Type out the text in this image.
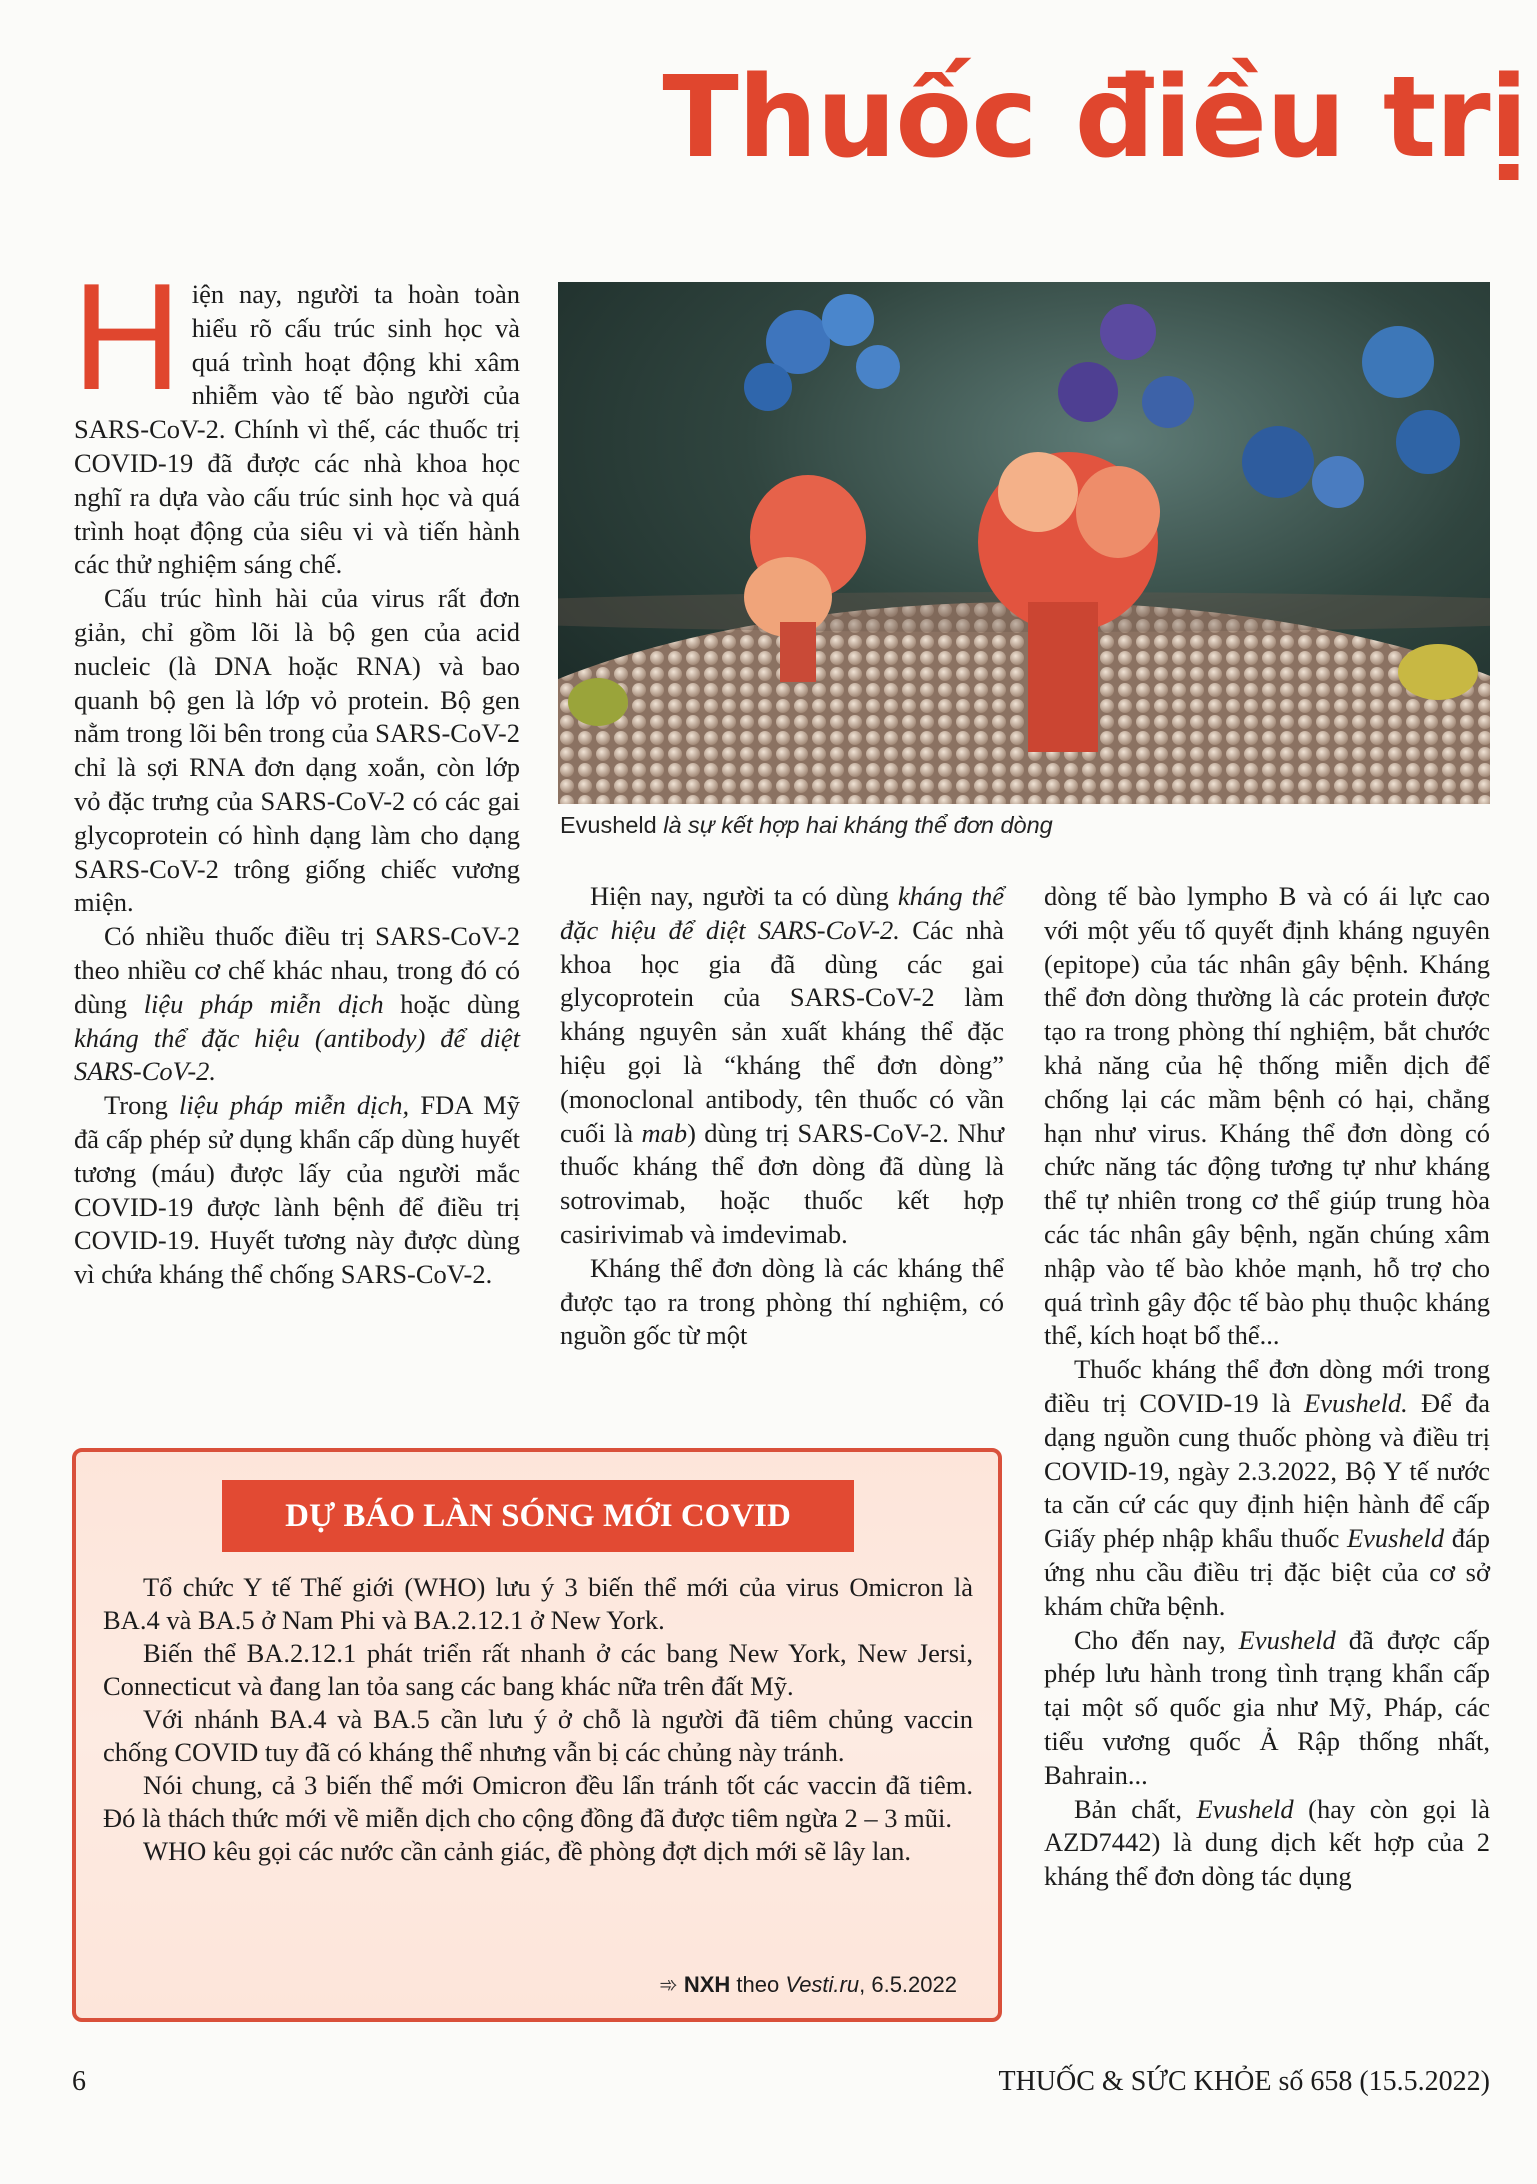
Thuốc điều trị

Hiện nay, người ta hoàn toàn hiểu rõ cấu trúc sinh học và quá trình hoạt động khi xâm nhiễm vào tế bào người của SARS-CoV-2. Chính vì thế, các thuốc trị COVID-19 đã được các nhà khoa học nghĩ ra dựa vào cấu trúc sinh học và quá trình hoạt động của siêu vi và tiến hành các thử nghiệm sáng chế.

Cấu trúc hình hài của virus rất đơn giản, chỉ gồm lõi là bộ gen của acid nucleic (là DNA hoặc RNA) và bao quanh bộ gen là lớp vỏ protein. Bộ gen nằm trong lõi bên trong của SARS-CoV-2 chỉ là sợi RNA đơn dạng xoắn, còn lớp vỏ đặc trưng của SARS-CoV-2 có các gai glycoprotein có hình dạng làm cho dạng SARS-CoV-2 trông giống chiếc vương miện.

Có nhiều thuốc điều trị SARS-CoV-2 theo nhiều cơ chế khác nhau, trong đó có dùng liệu pháp miễn dịch hoặc dùng kháng thể đặc hiệu (antibody) để diệt SARS-CoV-2.

Trong liệu pháp miễn dịch, FDA Mỹ đã cấp phép sử dụng khẩn cấp dùng huyết tương (máu) được lấy của người mắc COVID-19 được lành bệnh để điều trị COVID-19. Huyết tương này được dùng vì chứa kháng thể chống SARS-CoV-2.

Evusheld là sự kết hợp hai kháng thể đơn dòng

Hiện nay, người ta có dùng kháng thể đặc hiệu để diệt SARS-CoV-2. Các nhà khoa học gia đã dùng các gai glycoprotein của SARS-CoV-2 làm kháng nguyên sản xuất kháng thể đặc hiệu gọi là “kháng thể đơn dòng” (monoclonal antibody, tên thuốc có vần cuối là mab) dùng trị SARS-CoV-2. Như thuốc kháng thể đơn dòng đã dùng là sotrovimab, hoặc thuốc kết hợp casirivimab và imdevimab.

Kháng thể đơn dòng là các kháng thể được tạo ra trong phòng thí nghiệm, có nguồn gốc từ một

dòng tế bào lympho B và có ái lực cao với một yếu tố quyết định kháng nguyên (epitope) của tác nhân gây bệnh. Kháng thể đơn dòng thường là các protein được tạo ra trong phòng thí nghiệm, bắt chước khả năng của hệ thống miễn dịch để chống lại các mầm bệnh có hại, chẳng hạn như virus. Kháng thể đơn dòng có chức năng tác động tương tự như kháng thể tự nhiên trong cơ thể giúp trung hòa các tác nhân gây bệnh, ngăn chúng xâm nhập vào tế bào khỏe mạnh, hỗ trợ cho quá trình gây độc tế bào phụ thuộc kháng thể, kích hoạt bổ thể...

Thuốc kháng thể đơn dòng mới trong điều trị COVID-19 là Evusheld. Để đa dạng nguồn cung thuốc phòng và điều trị COVID-19, ngày 2.3.2022, Bộ Y tế nước ta căn cứ các quy định hiện hành để cấp Giấy phép nhập khẩu thuốc Evusheld đáp ứng nhu cầu điều trị đặc biệt của cơ sở khám chữa bệnh.

Cho đến nay, Evusheld đã được cấp phép lưu hành trong tình trạng khẩn cấp tại một số quốc gia như Mỹ, Pháp, các tiểu vương quốc Ả Rập thống nhất, Bahrain...

Bản chất, Evusheld (hay còn gọi là AZD7442) là dung dịch kết hợp của 2 kháng thể đơn dòng tác dụng

DỰ BÁO LÀN SÓNG MỚI COVID

Tổ chức Y tế Thế giới (WHO) lưu ý 3 biến thể mới của virus Omicron là BA.4 và BA.5 ở Nam Phi và BA.2.12.1 ở New York.

Biến thể BA.2.12.1 phát triển rất nhanh ở các bang New York, New Jersi, Connecticut và đang lan tỏa sang các bang khác nữa trên đất Mỹ.

Với nhánh BA.4 và BA.5 cần lưu ý ở chỗ là người đã tiêm chủng vaccin chống COVID tuy đã có kháng thể nhưng vẫn bị các chủng này tránh.

Nói chung, cả 3 biến thể mới Omicron đều lẩn tránh tốt các vaccin đã tiêm. Đó là thách thức mới về miễn dịch cho cộng đồng đã được tiêm ngừa 2 – 3 mũi.

WHO kêu gọi các nước cần cảnh giác, đề phòng đợt dịch mới sẽ lây lan.

➾ NXH theo Vesti.ru, 6.5.2022

6	THUỐC & SỨC KHỎE số 658 (15.5.2022)
